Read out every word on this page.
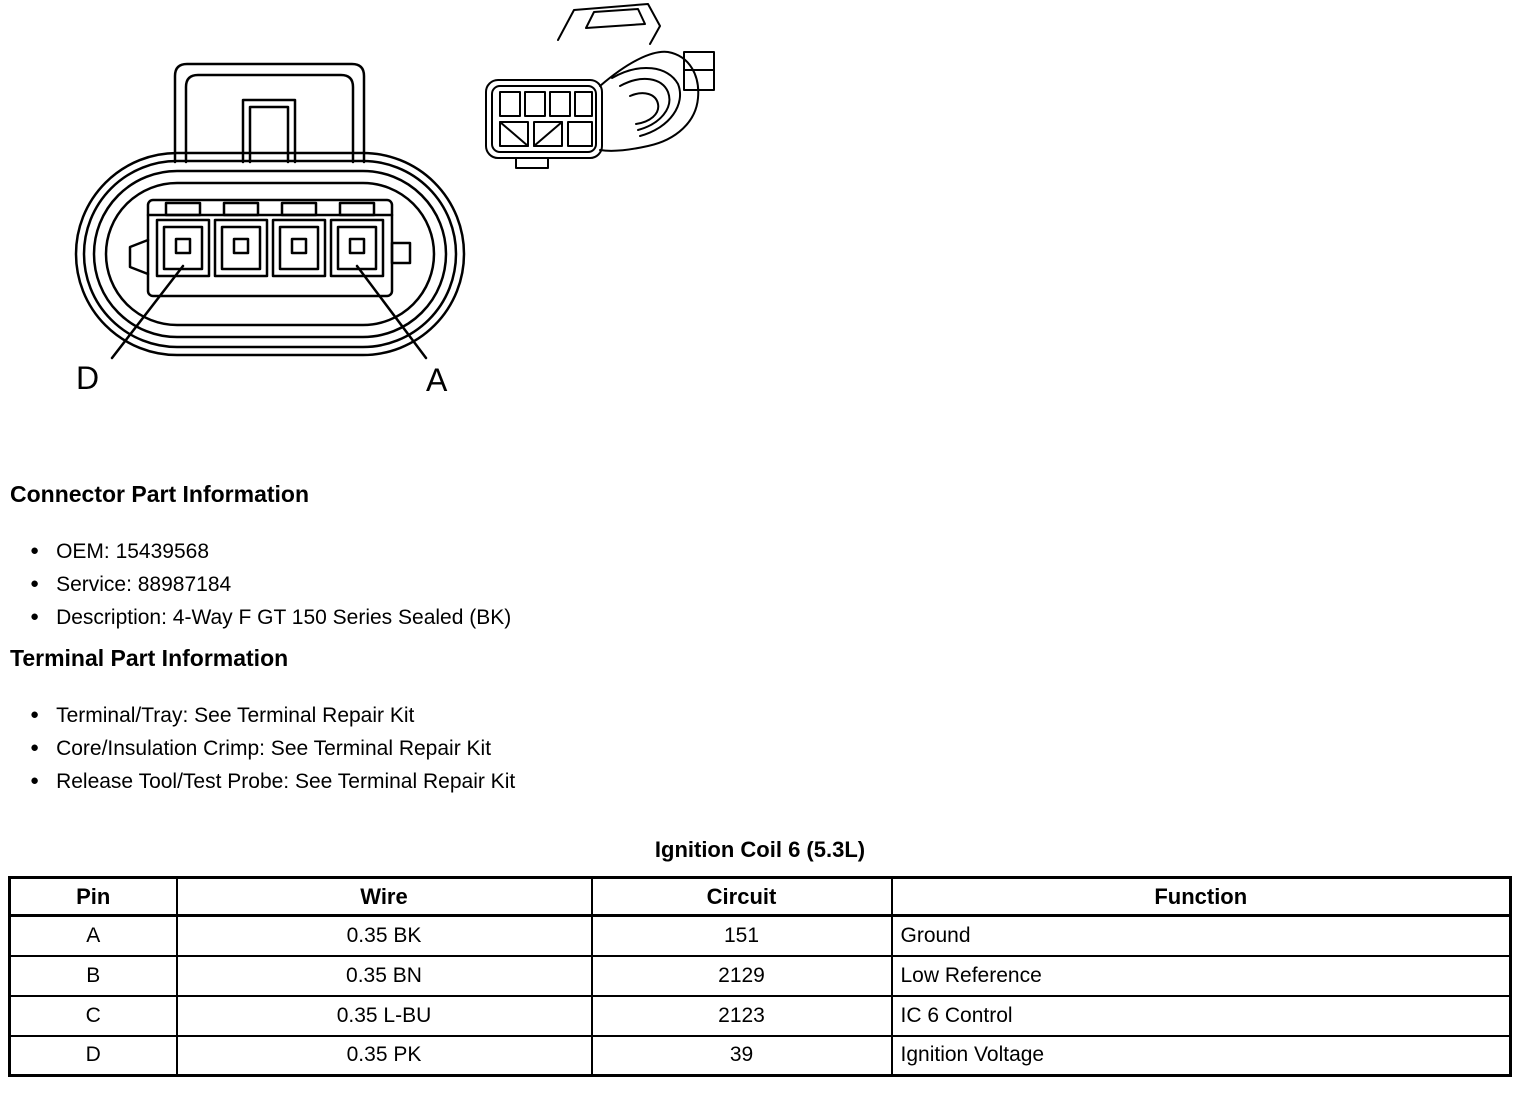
D	A
Connector Part Information
● OEM: 15439568
● Service: 88987184
● Description: 4-Way F GT 150 Series Sealed (BK)
Terminal Part Information
● Terminal/Tray: See Terminal Repair Kit
● Core/Insulation Crimp: See Terminal Repair Kit
● Release Tool/Test Probe: See Terminal Repair Kit
Ignition Coil 6 (5.3L)
Pin	Wire	Circuit	Function
A	0.35 BK	151	Ground
B	0.35 BN	2129	Low Reference
C	0.35 L-BU	2123	IC 6 Control
D	0.35 PK	39	Ignition Voltage
